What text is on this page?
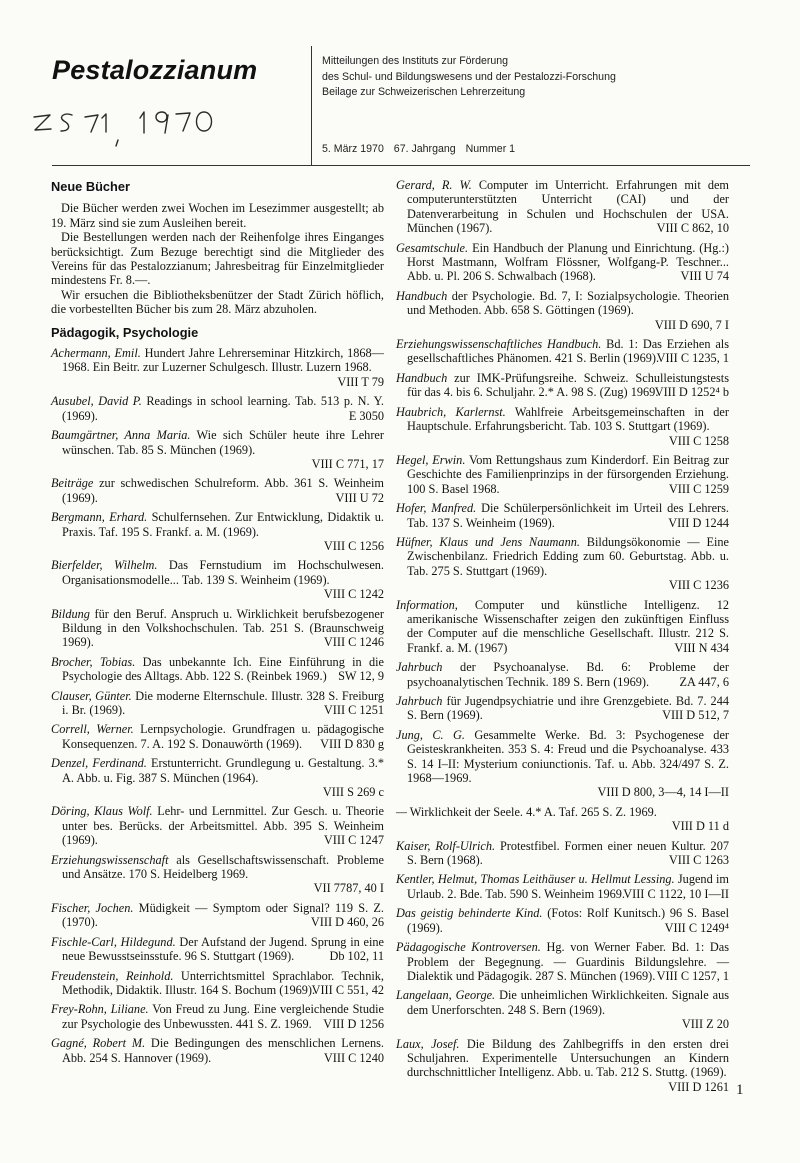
Pestalozzianum	Mitteilungen des Instituts zur Förderung
des Schul- und Bildungswesens und der Pestalozzi-Forschung
Beilage zur Schweizerischen Lehrerzeitung
5. März 1970 67. Jahrgang Nummer 1
Neue Bücher

Die Bücher werden zwei Wochen im Lesezimmer ausgestellt; ab 19. März sind sie zum Ausleihen bereit.

Die Bestellungen werden nach der Reihenfolge ihres Einganges berücksichtigt. Zum Bezuge berechtigt sind die Mitglieder des Vereins für das Pestalozzianum; Jahresbeitrag für Einzelmitglieder mindestens Fr. 8.—.

Wir ersuchen die Bibliotheksbenützer der Stadt Zürich höflich, die vorbestellten Bücher bis zum 28. März abzuholen.

Pädagogik, Psychologie
Achermann, Emil. Hundert Jahre Lehrerseminar Hitzkirch, 1868—1968. Ein Beitr. zur Luzerner Schulgesch. Illustr. Luzern 1968.
VIII T 79
Ausubel, David P. Readings in school learning. Tab. 513 p. N. Y. (1969).	E 3050
Baumgärtner, Anna Maria. Wie sich Schüler heute ihre Lehrer wünschen. Tab. 85 S. München (1969).
VIII C 771, 17
Beiträge zur schwedischen Schulreform. Abb. 361 S. Weinheim (1969).	VIII U 72
Bergmann, Erhard. Schulfernsehen. Zur Entwicklung, Didaktik u. Praxis. Taf. 195 S. Frankf. a. M. (1969).
VIII C 1256
Bierfelder, Wilhelm. Das Fernstudium im Hochschulwesen. Organisationsmodelle... Tab. 139 S. Weinheim (1969).
VIII C 1242
Bildung für den Beruf. Anspruch u. Wirklichkeit berufsbezogener Bildung in den Volkshochschulen. Tab. 251 S. (Braunschweig 1969).	VIII C 1246
Brocher, Tobias. Das unbekannte Ich. Eine Einführung in die Psychologie des Alltags. Abb. 122 S. (Reinbek 1969.) SW 12, 9
Clauser, Günter. Die moderne Elternschule. Illustr. 328 S. Freiburg i. Br. (1969).	VIII C 1251
Correll, Werner. Lernpsychologie. Grundfragen u. pädagogische Konsequenzen. 7. A. 192 S. Donauwörth (1969). VIII D 830 g
Denzel, Ferdinand. Erstunterricht. Grundlegung u. Gestaltung. 3.* A. Abb. u. Fig. 387 S. München (1964).
VIII S 269 c
Döring, Klaus Wolf. Lehr- und Lernmittel. Zur Gesch. u. Theorie unter bes. Berücks. der Arbeitsmittel. Abb. 395 S. Weinheim (1969).	VIII C 1247
Erziehungswissenschaft als Gesellschaftswissenschaft. Probleme und Ansätze. 170 S. Heidelberg 1969.
VII 7787, 40 I
Fischer, Jochen. Müdigkeit — Symptom oder Signal? 119 S. Z. (1970).	VIII D 460, 26
Fischle-Carl, Hildegund. Der Aufstand der Jugend. Sprung in eine neue Bewusstseinsstufe. 96 S. Stuttgart (1969).	Db 102, 11
Freudenstein, Reinhold. Unterrichtsmittel Sprachlabor. Technik, Methodik, Didaktik. Illustr. 164 S. Bochum (1969).
VIII C 551, 42
Frey-Rohn, Liliane. Von Freud zu Jung. Eine vergleichende Studie zur Psychologie des Unbewussten. 441 S. Z. 1969. VIII D 1256
Gagné, Robert M. Die Bedingungen des menschlichen Lernens. Abb. 254 S. Hannover (1969).	VIII C 1240
Gerard, R. W. Computer im Unterricht. Erfahrungen mit dem computerunterstützten Unterricht (CAI) und der Datenverarbeitung in Schulen und Hochschulen der USA. München (1967).	VIII C 862, 10
Gesamtschule. Ein Handbuch der Planung und Einrichtung. (Hg.:) Horst Mastmann, Wolfram Flössner, Wolfgang-P. Teschner... Abb. u. Pl. 206 S. Schwalbach (1968).	VIII U 74
Handbuch der Psychologie. Bd. 7, I: Sozialpsychologie. Theorien und Methoden. Abb. 658 S. Göttingen (1969).
VIII D 690, 7 I
Erziehungswissenschaftliches Handbuch. Bd. 1: Das Erziehen als gesellschaftliches Phänomen. 421 S. Berlin (1969).
VIII C 1235, 1
Handbuch zur IMK-Prüfungsreihe. Schweiz. Schulleistungstests für das 4. bis 6. Schuljahr. 2.* A. 98 S. (Zug) 1969.
VIII D 1252⁴ b
Haubrich, Karlernst. Wahlfreie Arbeitsgemeinschaften in der Hauptschule. Erfahrungsbericht. Tab. 103 S. Stuttgart (1969).
VIII C 1258
Hegel, Erwin. Vom Rettungshaus zum Kinderdorf. Ein Beitrag zur Geschichte des Familienprinzips in der fürsorgenden Erziehung. 100 S. Basel 1968.	VIII C 1259
Hofer, Manfred. Die Schülerpersönlichkeit im Urteil des Lehrers. Tab. 137 S. Weinheim (1969).	VIII D 1244
Hüfner, Klaus und Jens Naumann. Bildungsökonomie — Eine Zwischenbilanz. Friedrich Edding zum 60. Geburtstag. Abb. u. Tab. 275 S. Stuttgart (1969).
VIII C 1236
Information, Computer und künstliche Intelligenz. 12 amerikanische Wissenschafter zeigen den zukünftigen Einfluss der Computer auf die menschliche Gesellschaft. Illustr. 212 S. Frankf. a. M. (1967)	VIII N 434
Jahrbuch der Psychoanalyse. Bd. 6: Probleme der psychoanalytischen Technik. 189 S. Bern (1969). ZA 447, 6
Jahrbuch für Jugendpsychiatrie und ihre Grenzgebiete. Bd. 7. 244 S. Bern (1969).	VIII D 512, 7
Jung, C. G. Gesammelte Werke. Bd. 3: Psychogenese der Geisteskrankheiten. 353 S. 4: Freud und die Psychoanalyse. 433 S. 14 I–II: Mysterium coniunctionis. Taf. u. Abb. 324/497 S. Z. 1968—1969.
VIII D 800, 3—4, 14 I—II
— Wirklichkeit der Seele. 4.* A. Taf. 265 S. Z. 1969.
VIII D 11 d
Kaiser, Rolf-Ulrich. Protestfibel. Formen einer neuen Kultur. 207 S. Bern (1968).	VIII C 1263
Kentler, Helmut, Thomas Leithäuser u. Hellmut Lessing. Jugend im Urlaub. 2. Bde. Tab. 590 S. Weinheim 1969.
VIII C 1122, 10 I—II
Das geistig behinderte Kind. (Fotos: Rolf Kunitsch.) 96 S. Basel (1969).	VIII C 1249⁴
Pädagogische Kontroversen. Hg. von Werner Faber. Bd. 1: Das Problem der Begegnung. — Guardinis Bildungslehre. — Dialektik und Pädagogik. 287 S. München (1969). VIII C 1257, 1
Langelaan, George. Die unheimlichen Wirklichkeiten. Signale aus dem Unerforschten. 248 S. Bern (1969).
VIII Z 20
Laux, Josef. Die Bildung des Zahlbegriffs in den ersten drei Schuljahren. Experimentelle Untersuchungen an Kindern durchschnittlicher Intelligenz. Abb. u. Tab. 212 S. Stuttg. (1969).
VIII D 1261 1
